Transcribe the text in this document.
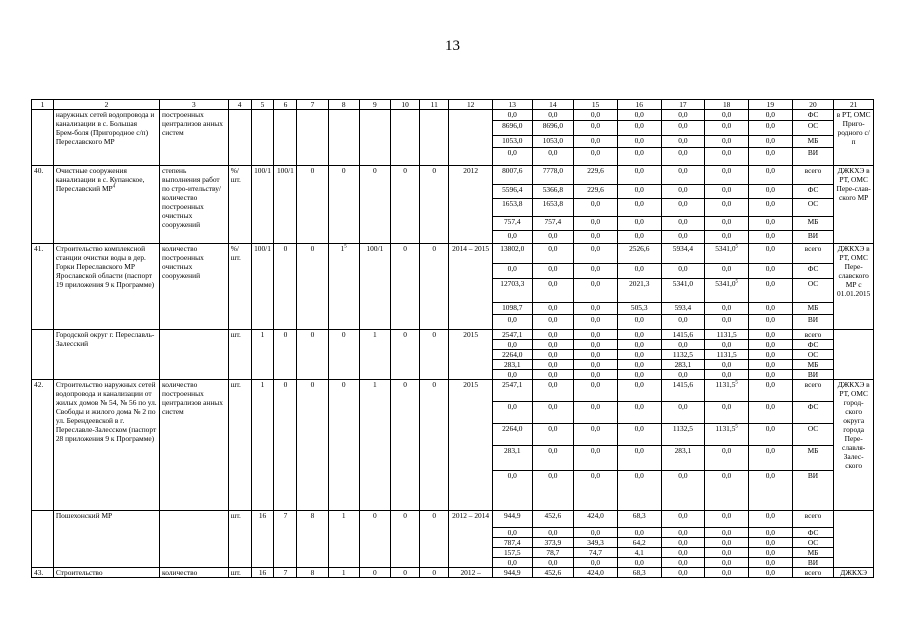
13
1	2	3	4	5	6	7	8	9	10	11	12	13	14	15	16	17	18	19	20	21
	наружных сетей водопровода и канализации в с. Большая Брем-боля (Пригородное с/п) Переславского МР	построенных централизов анных систем										0,0	0,0	0,0	0,0	0,0	0,0	0,0	ФС	в РТ, ОМС Приго-родного с/п
												8696,0	8696,0	0,0	0,0	0,0	0,0	0,0	ОС	
												1053,0	1053,0	0,0	0,0	0,0	0,0	0,0	МБ	
												0,0	0,0	0,0	0,0	0,0	0,0	0,0	ВИ	
40.	Очистные сооружения канализации в с. Купанское, Переславский $МР^4$	степень выполнения работ по стро-ительству/ количество построенных очистных сооружений	%/ шт.	100/1	100/1	0	0	0	0	0	2012	8007,6	7778,0	229,6	0,0	0,0	0,0	0,0	всего	ДЖКХЭ в РТ, ОМС Пере-слав-ского МР
												5596,4	5366,8	229,6	0,0	0,0	0,0	0,0	ФС	
												1653,8	1653,8	0,0	0,0	0,0	0,0	0,0	ОС	
												757,4	757,4	0,0	0,0	0,0	0,0	0,0	МБ	
												0,0	0,0	0,0	0,0	0,0	0,0	0,0	ВИ	
41.	Строительство комплексной станции очистки воды в дер. Горки Переславского МР Ярославской области (паспорт 19 приложения 9 к Программе)	количество построенных очистных сооружений	%/ шт.	100/1	0	0	$1^5$	100/1	0	0	2014 – 2015	13802,0	0,0	0,0	2526,6	5934,4	5341,0$^5$	0,0	всего	ДЖКХЭ в РТ, ОМС Пере-славского МР с 01.01.2015
												0,0	0,0	0,0	0,0	0,0	0,0	0,0	ФС	
												12703,3	0,0	0,0	2021,3	5341,0	5341,0$^5$	0,0	ОС	
												1098,7	0,0	0,0	505,3	593,4	0,0	0,0	МБ	
												0,0	0,0	0,0	0,0	0,0	0,0	0,0	ВИ	
	Городской округ г. Переславль-Залесский		шт.	1	0	0	0	1	0	0	2015	2547,1	0,0	0,0	0,0	1415,6	1131,5	0,0	всего	
												0,0	0,0	0,0	0,0	0,0	0,0	0,0	ФС	
												2264,0	0,0	0,0	0,0	1132,5	1131,5	0,0	ОС	
												283,1	0,0	0,0	0,0	283,1	0,0	0,0	МБ	
												0,0	0,0	0,0	0,0	0,0	0,0	0,0	ВИ	
42.	Строительство наружных сетей водопровода и канализации от жилых домов № 54, № 56 по ул. Свободы и жилого дома № 2 по ул. Берендеевской в г. Переславле-Залесском (паспорт 28 приложения 9 к Программе)	количество построенных централизов анных систем	шт.	1	0	0	0	1	0	0	2015	2547,1	0,0	0,0	0,0	1415,6	1131,5$^5$	0,0	всего	ДЖКХЭ в РТ, ОМС город-ского округа города Пере-славля-Залес-ского
												0,0	0,0	0,0	0,0	0,0	0,0	0,0	ФС	
												2264,0	0,0	0,0	0,0	1132,5	1131,5$^5$	0,0	ОС	
												283,1	0,0	0,0	0,0	283,1	0,0	0,0	МБ	
												0,0	0,0	0,0	0,0	0,0	0,0	0,0	ВИ	
	Пошехонский МР		шт.	16	7	8	1	0	0	0	2012 – 2014	944,9	452,6	424,0	68,3	0,0	0,0	0,0	всего	
												0,0	0,0	0,0	0,0	0,0	0,0	0,0	ФС	
												787,4	373,9	349,3	64,2	0,0	0,0	0,0	ОС	
												157,5	78,7	74,7	4,1	0,0	0,0	0,0	МБ	
												0,0	0,0	0,0	0,0	0,0	0,0	0,0	ВИ	
43.	Строительство	количество	шт.	16	7	8	1	0	0	0	2012 –	944,9	452,6	424,0	68,3	0,0	0,0	0,0	всего	ДЖКХЭ
